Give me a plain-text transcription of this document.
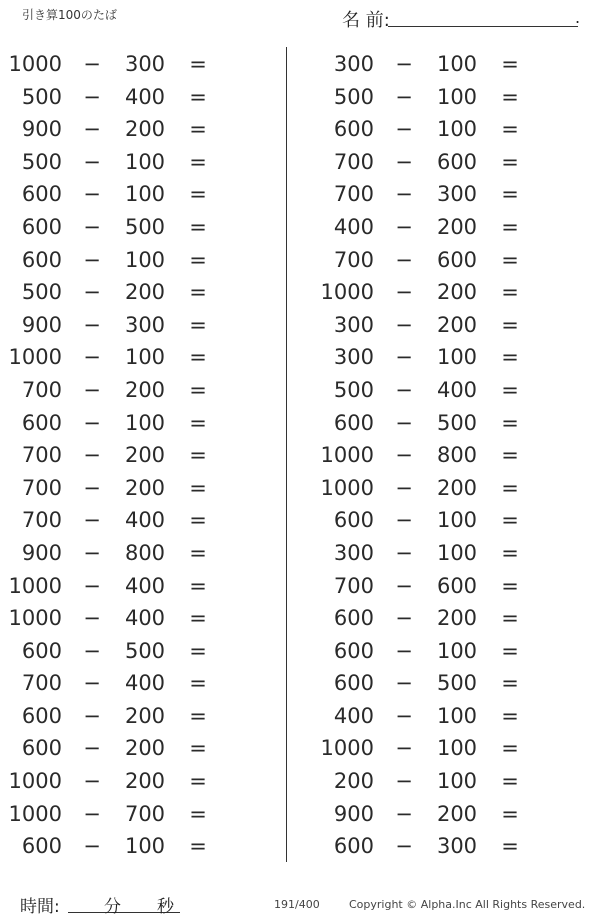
引き算100のたば	名 前:	.
1000 −	300	=
500 −	400	=
900 −	200	=
500 −	100	=
600 −	100	=
600 −	500	=
600 −	100	=
500 −	200	=
900 −	300	=
1000 −	100	=
700 −	200	=
600 −	100	=
700 −	200	=
700 −	200	=
700 −	400	=
900 −	800	=
1000 −	400	=
1000 −	400	=
600 −	500	=
700 −	400	=
600 −	200	=
600 −	200	=
1000 −	200	=
1000 −	700	=
600 −	100	=
300 −	100	=
500 −	100	=
600 −	100	=
700 −	600	=
700 −	300	=
400 −	200	=
700 −	600	=
1000 −	200	=
300 −	200	=
300 −	100	=
500 −	400	=
600 −	500	=
1000 −	800	=
1000 −	200	=
600 −	100	=
300 −	100	=
700 −	600	=
600 −	200	=
600 −	100	=
600 −	500	=
400 −	100	=
1000 −	100	=
200 −	100	=
900 −	200	=
600 −	300	=
時間:	分 秒	191/400	Copyright © Alpha.Inc All Rights Reserved.
